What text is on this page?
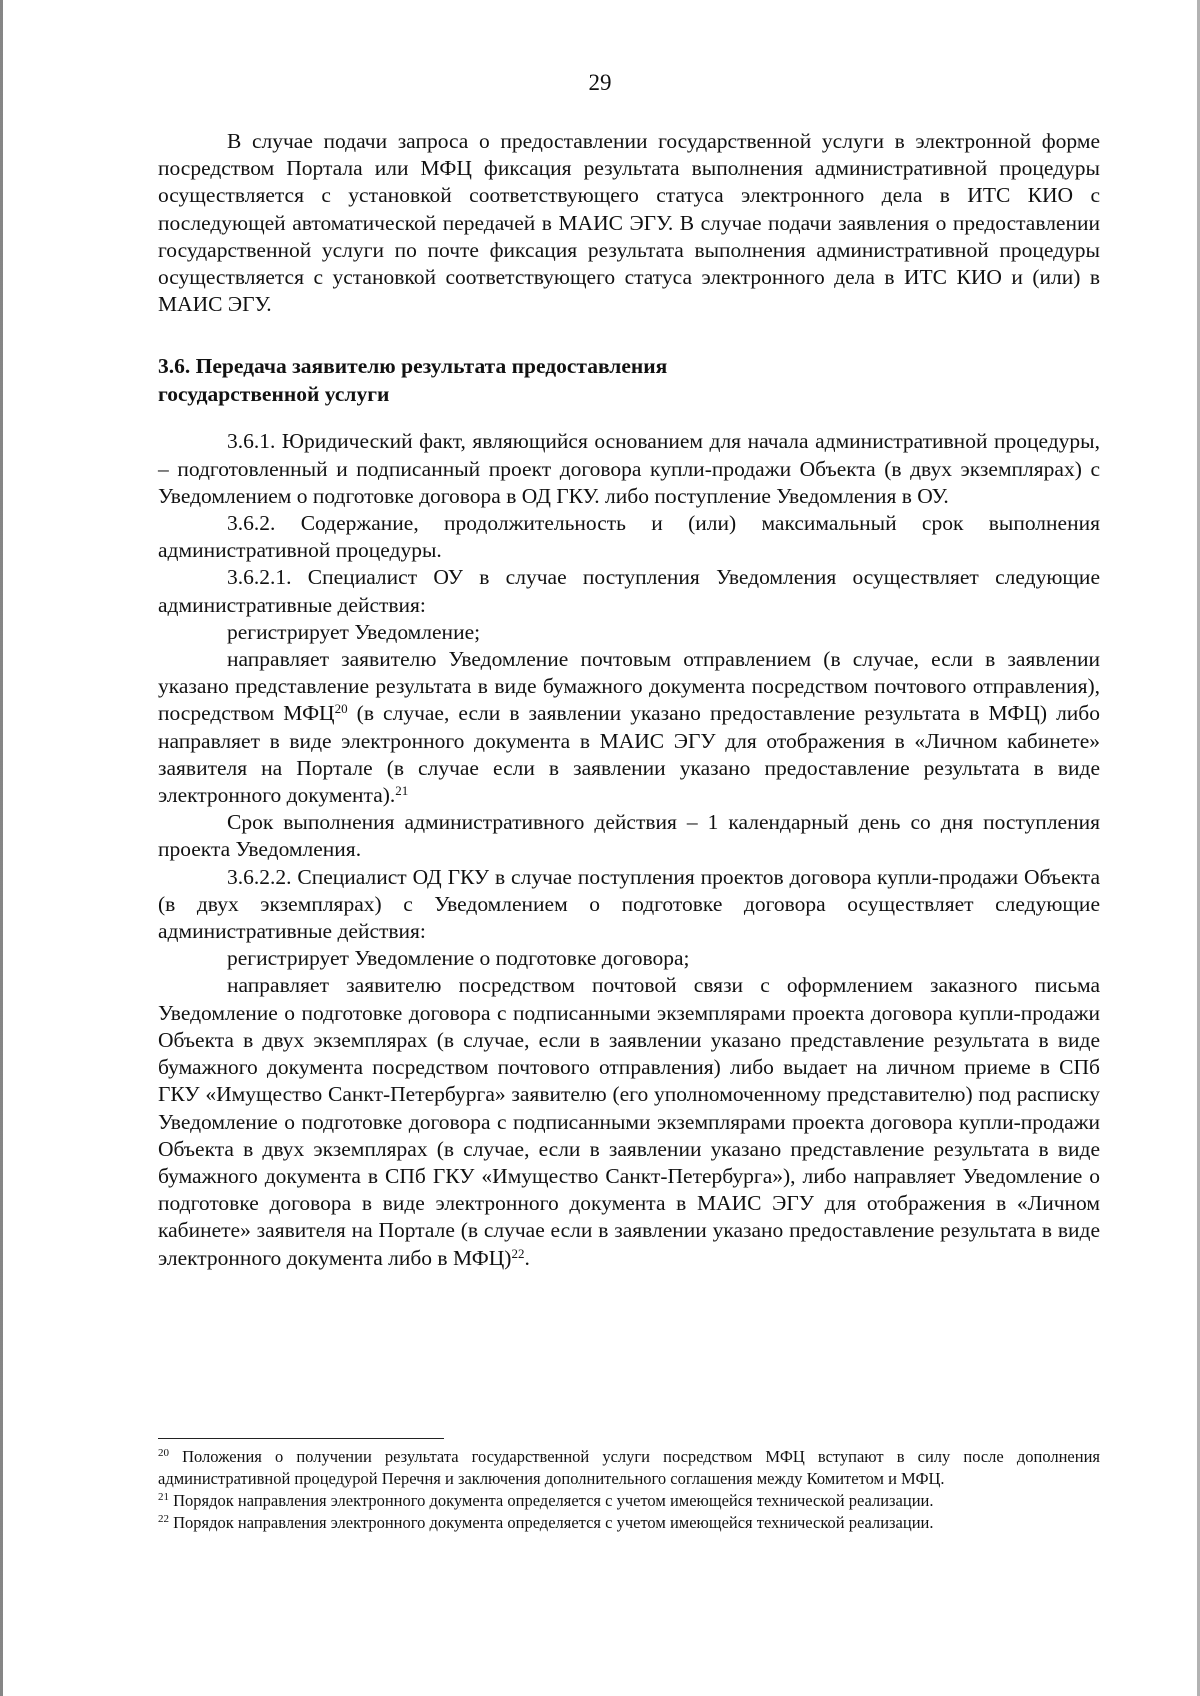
29

В случае подачи запроса о предоставлении государственной услуги в электронной форме посредством Портала или МФЦ фиксация результата выполнения административной процедуры осуществляется с установкой соответствующего статуса электронного дела в ИТС КИО с последующей автоматической передачей в МАИС ЭГУ. В случае подачи заявления о предоставлении государственной услуги по почте фиксация результата выполнения административной процедуры осуществляется с установкой соответствующего статуса электронного дела в ИТС КИО и (или) в МАИС ЭГУ.

3.6. Передача заявителю результата предоставления
государственной услуги

3.6.1. Юридический факт, являющийся основанием для начала административной процедуры, – подготовленный и подписанный проект договора купли-продажи Объекта (в двух экземплярах) с Уведомлением о подготовке договора в ОД ГКУ. либо поступление Уведомления в ОУ.

3.6.2. Содержание, продолжительность и (или) максимальный срок выполнения административной процедуры.

3.6.2.1. Специалист ОУ в случае поступления Уведомления осуществляет следующие административные действия:

регистрирует Уведомление;

направляет заявителю Уведомление почтовым отправлением (в случае, если в заявлении указано представление результата в виде бумажного документа посредством почтового отправления), посредством МФЦ$^{20}$ (в случае, если в заявлении указано предоставление результата в МФЦ) либо направляет в виде электронного документа в МАИС ЭГУ для отображения в «Личном кабинете» заявителя на Портале (в случае если в заявлении указано предоставление результата в виде электронного документа).$^{21}$

Срок выполнения административного действия – 1 календарный день со дня поступления проекта Уведомления.

3.6.2.2. Специалист ОД ГКУ в случае поступления проектов договора купли-продажи Объекта (в двух экземплярах) с Уведомлением о подготовке договора осуществляет следующие административные действия:

регистрирует Уведомление о подготовке договора;

направляет заявителю посредством почтовой связи с оформлением заказного письма Уведомление о подготовке договора с подписанными экземплярами проекта договора купли-продажи Объекта в двух экземплярах (в случае, если в заявлении указано представление результата в виде бумажного документа посредством почтового отправления) либо выдает на личном приеме в СПб ГКУ «Имущество Санкт-Петербурга» заявителю (его уполномоченному представителю) под расписку Уведомление о подготовке договора с подписанными экземплярами проекта договора купли-продажи Объекта в двух экземплярах (в случае, если в заявлении указано представление результата в виде бумажного документа в СПб ГКУ «Имущество Санкт-Петербурга»), либо направляет Уведомление о подготовке договора в виде электронного документа в МАИС ЭГУ для отображения в «Личном кабинете» заявителя на Портале (в случае если в заявлении указано предоставление результата в виде электронного документа либо в МФЦ)$^{22}$.

$^{20}$ Положения о получении результата государственной услуги посредством МФЦ вступают в силу после дополнения административной процедурой Перечня и заключения дополнительного соглашения между Комитетом и МФЦ.

$^{21}$ Порядок направления электронного документа определяется с учетом имеющейся технической реализации.

$^{22}$ Порядок направления электронного документа определяется с учетом имеющейся технической реализации.
